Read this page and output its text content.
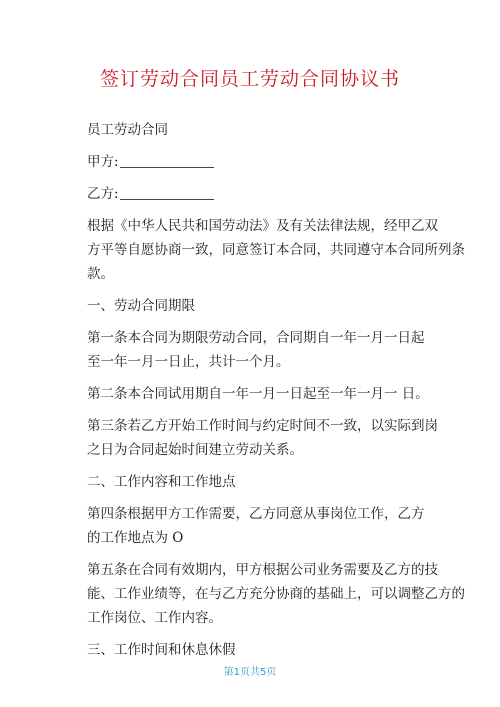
签订劳动合同员工劳动合同协议书

员工劳动合同

甲方:

乙方:

根据《中华人民共和国劳动法》及有关法律法规，经甲乙双

方平等自愿协商一致，同意签订本合同，共同遵守本合同所列条

款。

一、劳动合同期限

第一条本合同为期限劳动合同，合同期自一年一月一日起

至一年一月一日止，共计一个月。

第二条本合同试用期自一年一月一日起至一年一月一 日。

第三条若乙方开始工作时间与约定时间不一致，以实际到岗

之日为合同起始时间建立劳动关系。

二、工作内容和工作地点

第四条根据甲方工作需要，乙方同意从事岗位工作，乙方

的工作地点为 O

第五条在合同有效期内，甲方根据公司业务需要及乙方的技

能、工作业绩等，在与乙方充分协商的基础上，可以调整乙方的

工作岗位、工作内容。

三、工作时间和休息休假

第1页共5页
